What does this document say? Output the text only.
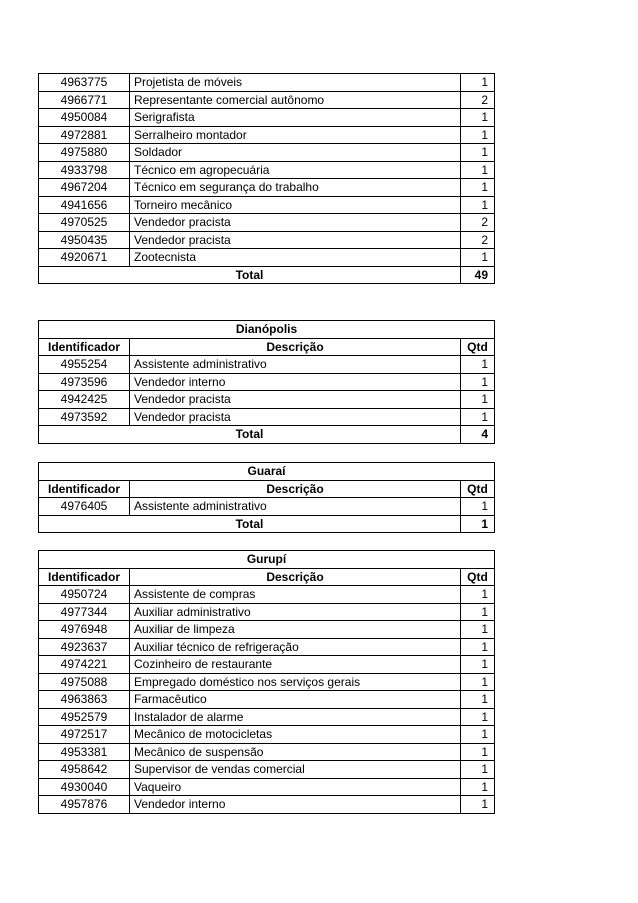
4963775	Projetista de móveis	1
4966771	Representante comercial autônomo	2
4950084	Serigrafista	1
4972881	Serralheiro montador	1
4975880	Soldador	1
4933798	Técnico em agropecuária	1
4967204	Técnico em segurança do trabalho	1
4941656	Torneiro mecânico	1
4970525	Vendedor pracista	2
4950435	Vendedor pracista	2
4920671	Zootecnista	1
Total		49
Dianópolis		
Identificador	Descrição	Qtd
4955254	Assistente administrativo	1
4973596	Vendedor interno	1
4942425	Vendedor pracista	1
4973592	Vendedor pracista	1
Total		4
Guaraí		
Identificador	Descrição	Qtd
4976405	Assistente administrativo	1
Total		1
Gurupí		
Identificador	Descrição	Qtd
4950724	Assistente de compras	1
4977344	Auxiliar administrativo	1
4976948	Auxiliar de limpeza	1
4923637	Auxiliar técnico de refrigeração	1
4974221	Cozinheiro de restaurante	1
4975088	Empregado doméstico nos serviços gerais	1
4963863	Farmacêutico	1
4952579	Instalador de alarme	1
4972517	Mecânico de motocicletas	1
4953381	Mecânico de suspensão	1
4958642	Supervisor de vendas comercial	1
4930040	Vaqueiro	1
4957876	Vendedor interno	1
